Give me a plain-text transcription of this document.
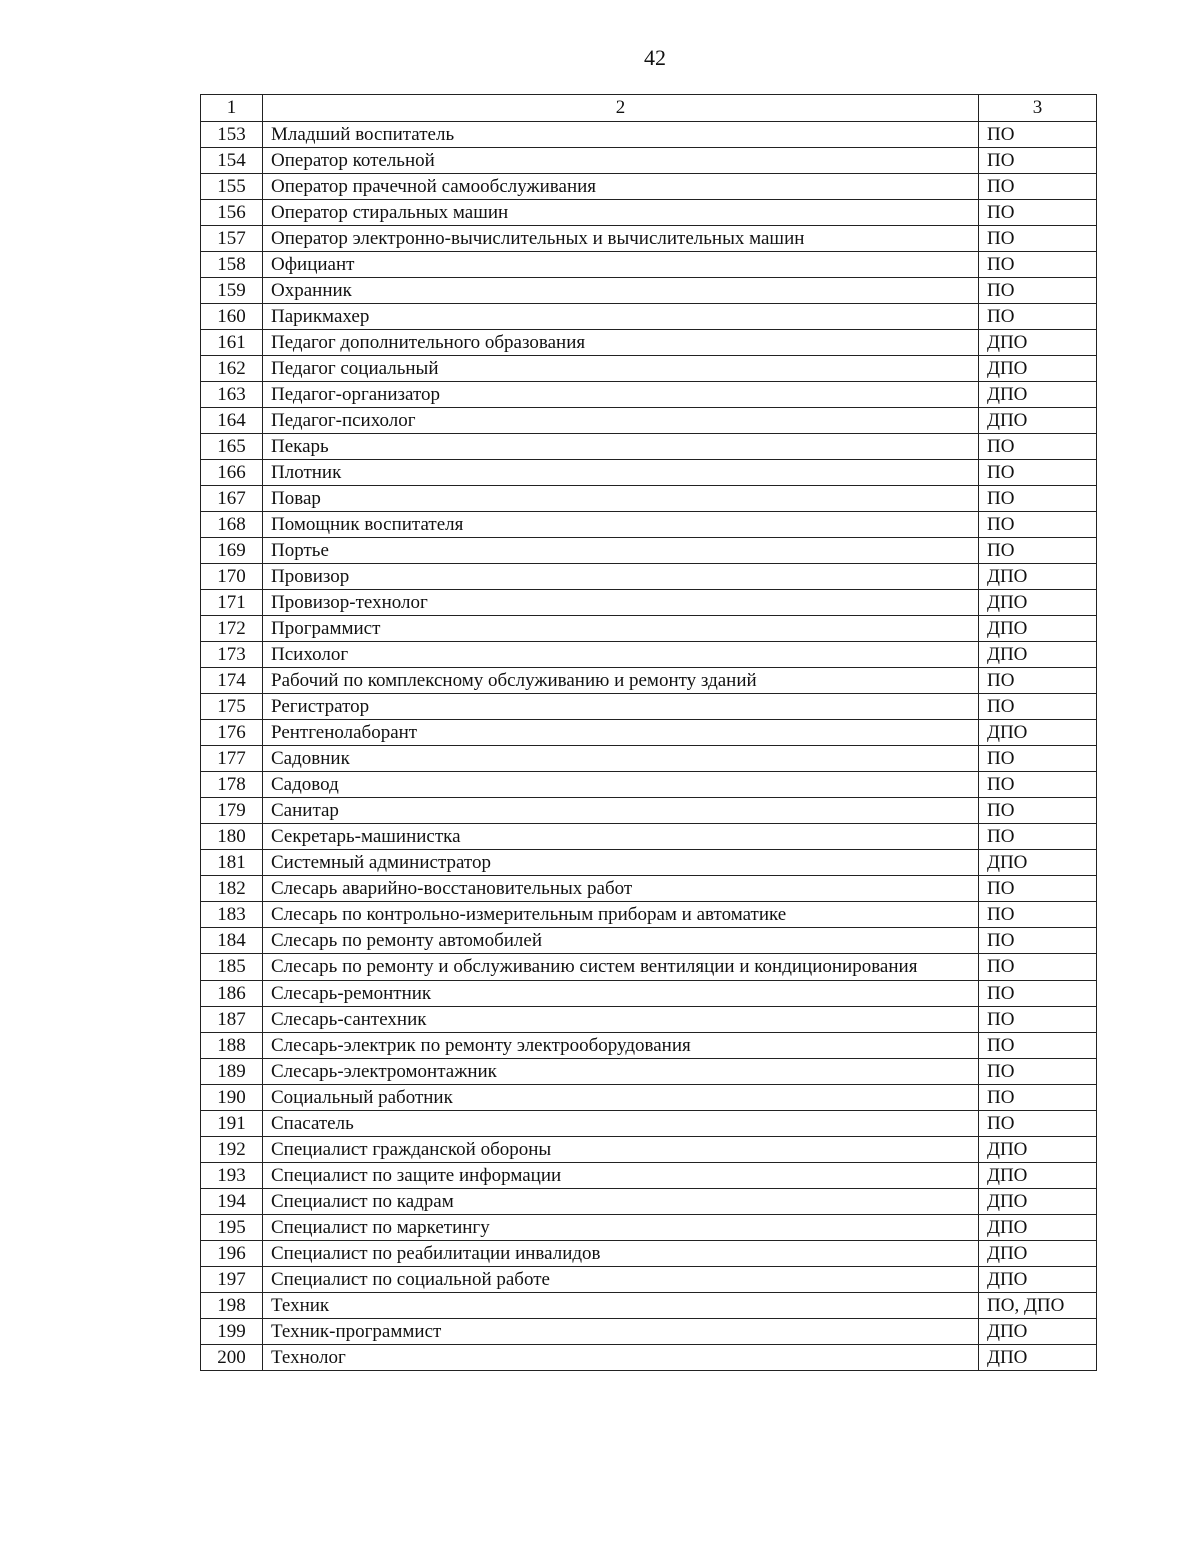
42
1	2	3
153	Младший воспитатель	ПО
154	Оператор котельной	ПО
155	Оператор прачечной самообслуживания	ПО
156	Оператор стиральных машин	ПО
157	Оператор электронно-вычислительных и вычислительных машин	ПО
158	Официант	ПО
159	Охранник	ПО
160	Парикмахер	ПО
161	Педагог дополнительного образования	ДПО
162	Педагог социальный	ДПО
163	Педагог-организатор	ДПО
164	Педагог-психолог	ДПО
165	Пекарь	ПО
166	Плотник	ПО
167	Повар	ПО
168	Помощник воспитателя	ПО
169	Портье	ПО
170	Провизор	ДПО
171	Провизор-технолог	ДПО
172	Программист	ДПО
173	Психолог	ДПО
174	Рабочий по комплексному обслуживанию и ремонту зданий	ПО
175	Регистратор	ПО
176	Рентгенолаборант	ДПО
177	Садовник	ПО
178	Садовод	ПО
179	Санитар	ПО
180	Секретарь-машинистка	ПО
181	Системный администратор	ДПО
182	Слесарь аварийно-восстановительных работ	ПО
183	Слесарь по контрольно-измерительным приборам и автоматике	ПО
184	Слесарь по ремонту автомобилей	ПО
185	Слесарь по ремонту и обслуживанию систем вентиляции и кондиционирования	ПО
186	Слесарь-ремонтник	ПО
187	Слесарь-сантехник	ПО
188	Слесарь-электрик по ремонту электрооборудования	ПО
189	Слесарь-электромонтажник	ПО
190	Социальный работник	ПО
191	Спасатель	ПО
192	Специалист гражданской обороны	ДПО
193	Специалист по защите информации	ДПО
194	Специалист по кадрам	ДПО
195	Специалист по маркетингу	ДПО
196	Специалист по реабилитации инвалидов	ДПО
197	Специалист по социальной работе	ДПО
198	Техник	ПО, ДПО
199	Техник-программист	ДПО
200	Технолог	ДПО
